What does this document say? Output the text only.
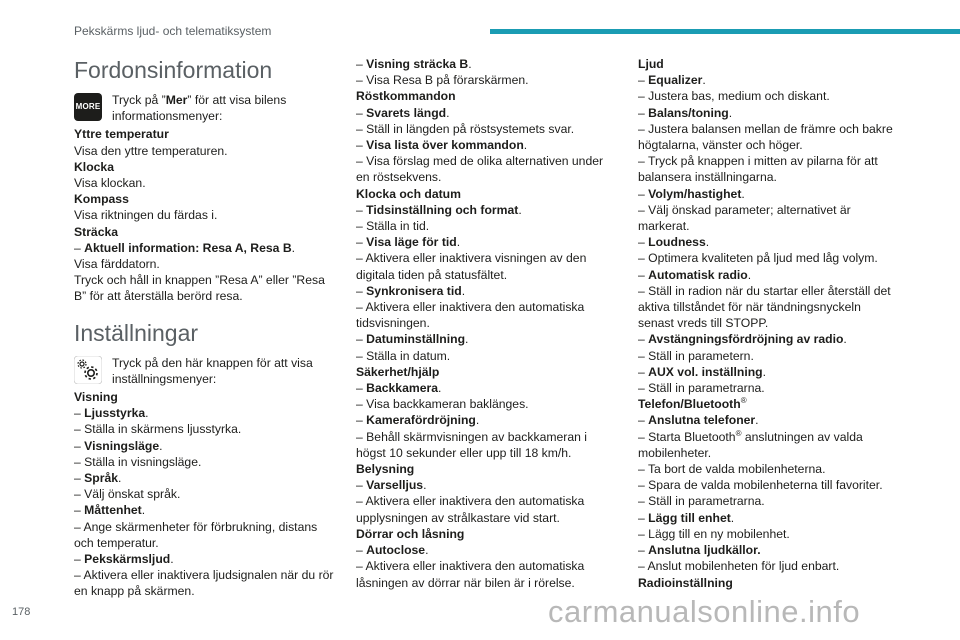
Pekskärms ljud- och telematiksystem
Fordonsinformation
MORE Tryck på ”Mer” för att visa bilens informationsmenyer:
Yttre temperatur
Visa den yttre temperaturen.
Klocka
Visa klockan.
Kompass
Visa riktningen du färdas i.
Sträcka
– Aktuell information: Resa A, Resa B.
Visa färddatorn.
Tryck och håll in knappen ”Resa A” eller ”Resa B” för att återställa berörd resa.
Inställningar
Tryck på den här knappen för att visa inställningsmenyer:
Visning
– Ljusstyrka.
– Ställa in skärmens ljusstyrka.
– Visningsläge.
– Ställa in visningsläge.
– Språk.
– Välj önskat språk.
– Måttenhet.
– Ange skärmenheter för förbrukning, distans och temperatur.
– Pekskärmsljud.
– Aktivera eller inaktivera ljudsignalen när du rör en knapp på skärmen.
– Visning sträcka B.
– Visa Resa B på förarskärmen.
Röstkommandon
– Svarets längd.
– Ställ in längden på röstsystemets svar.
– Visa lista över kommandon.
– Visa förslag med de olika alternativen under en röstsekvens.
Klocka och datum
– Tidsinställning och format.
– Ställa in tid.
– Visa läge för tid.
– Aktivera eller inaktivera visningen av den digitala tiden på statusfältet.
– Synkronisera tid.
– Aktivera eller inaktivera den automatiska tidsvisningen.
– Datuminställning.
– Ställa in datum.
Säkerhet/hjälp
– Backkamera.
– Visa backkameran baklänges.
– Kamerafördröjning.
– Behåll skärmvisningen av backkameran i högst 10 sekunder eller upp till 18 km/h.
Belysning
– Varselljus.
– Aktivera eller inaktivera den automatiska upplysningen av strålkastare vid start.
Dörrar och låsning
– Autoclose.
– Aktivera eller inaktivera den automatiska låsningen av dörrar när bilen är i rörelse.
Ljud
– Equalizer.
– Justera bas, medium och diskant.
– Balans/toning.
– Justera balansen mellan de främre och bakre högtalarna, vänster och höger.
– Tryck på knappen i mitten av pilarna för att balansera inställningarna.
– Volym/hastighet.
– Välj önskad parameter; alternativet är markerat.
– Loudness.
– Optimera kvaliteten på ljud med låg volym.
– Automatisk radio.
– Ställ in radion när du startar eller återställ det aktiva tillståndet för när tändningsnyckeln senast vreds till STOPP.
– Avstängningsfördröjning av radio.
– Ställ in parametern.
– AUX vol. inställning.
– Ställ in parametrarna.
Telefon/Bluetooth®
– Anslutna telefoner.
– Starta Bluetooth® anslutningen av valda mobilenheter.
– Ta bort de valda mobilenheterna.
– Spara de valda mobilenheterna till favoriter.
– Ställ in parametrarna.
– Lägg till enhet.
– Lägg till en ny mobilenhet.
– Anslutna ljudkällor.
– Anslut mobilenheten för ljud enbart.
Radioinställning
178	carmanualsonline.info
